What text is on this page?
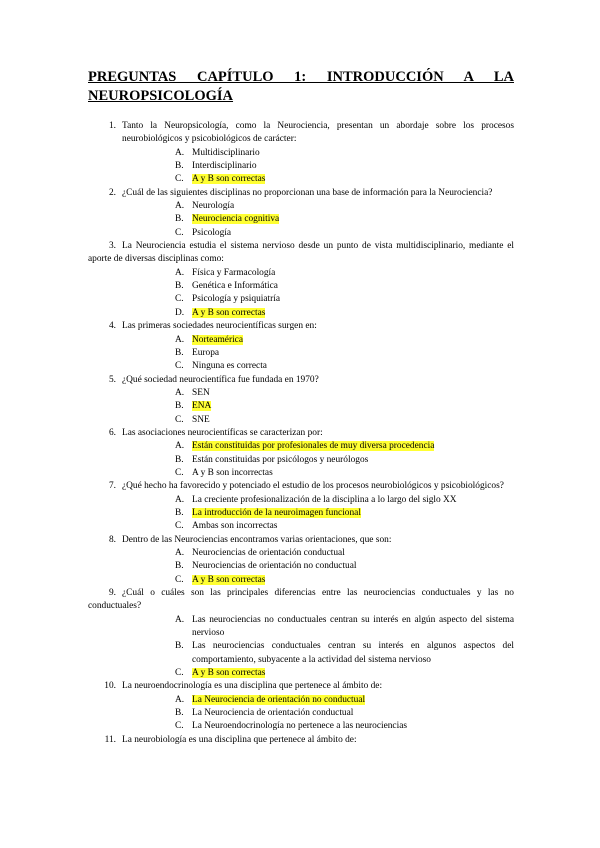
PREGUNTAS CAPÍTULO 1: INTRODUCCIÓN A LA
NEUROPSICOLOGÍA
1. Tanto la Neuropsicología, como la Neurociencia, presentan un abordaje sobre los procesos neurobiológicos y psicobiológicos de carácter:
A. Multidisciplinario
B. Interdisciplinario
C. A y B son correctas
2. ¿Cuál de las siguientes disciplinas no proporcionan una base de información para la Neurociencia?
A. Neurología
B. Neurociencia cognitiva
C. Psicología
3. La Neurociencia estudia el sistema nervioso desde un punto de vista multidisciplinario, mediante el aporte de diversas disciplinas como:
A. Física y Farmacología
B. Genética e Informática
C. Psicología y psiquiatría
D. A y B son correctas
4. Las primeras sociedades neurocientíficas surgen en:
A. Norteamérica
B. Europa
C. Ninguna es correcta
5. ¿Qué sociedad neurocientífica fue fundada en 1970?
A. SEN
B. ENA
C. SNE
6. Las asociaciones neurocientíficas se caracterizan por:
A. Están constituidas por profesionales de muy diversa procedencia
B. Están constituidas por psicólogos y neurólogos
C. A y B son incorrectas
7. ¿Qué hecho ha favorecido y potenciado el estudio de los procesos neurobiológicos y psicobiológicos?
A. La creciente profesionalización de la disciplina a lo largo del siglo XX
B. La introducción de la neuroimagen funcional
C. Ambas son incorrectas
8. Dentro de las Neurociencias encontramos varias orientaciones, que son:
A. Neurociencias de orientación conductual
B. Neurociencias de orientación no conductual
C. A y B son correctas
9. ¿Cuál o cuáles son las principales diferencias entre las neurociencias conductuales y las no conductuales?
A. Las neurociencias no conductuales centran su interés en algún aspecto del sistema nervioso
B. Las neurociencias conductuales centran su interés en algunos aspectos del comportamiento, subyacente a la actividad del sistema nervioso
C. A y B son correctas
10. La neuroendocrinología es una disciplina que pertenece al ámbito de:
A. La Neurociencia de orientación no conductual
B. La Neurociencia de orientación conductual
C. La Neuroendocrinología no pertenece a las neurociencias
11. La neurobiología es una disciplina que pertenece al ámbito de:
